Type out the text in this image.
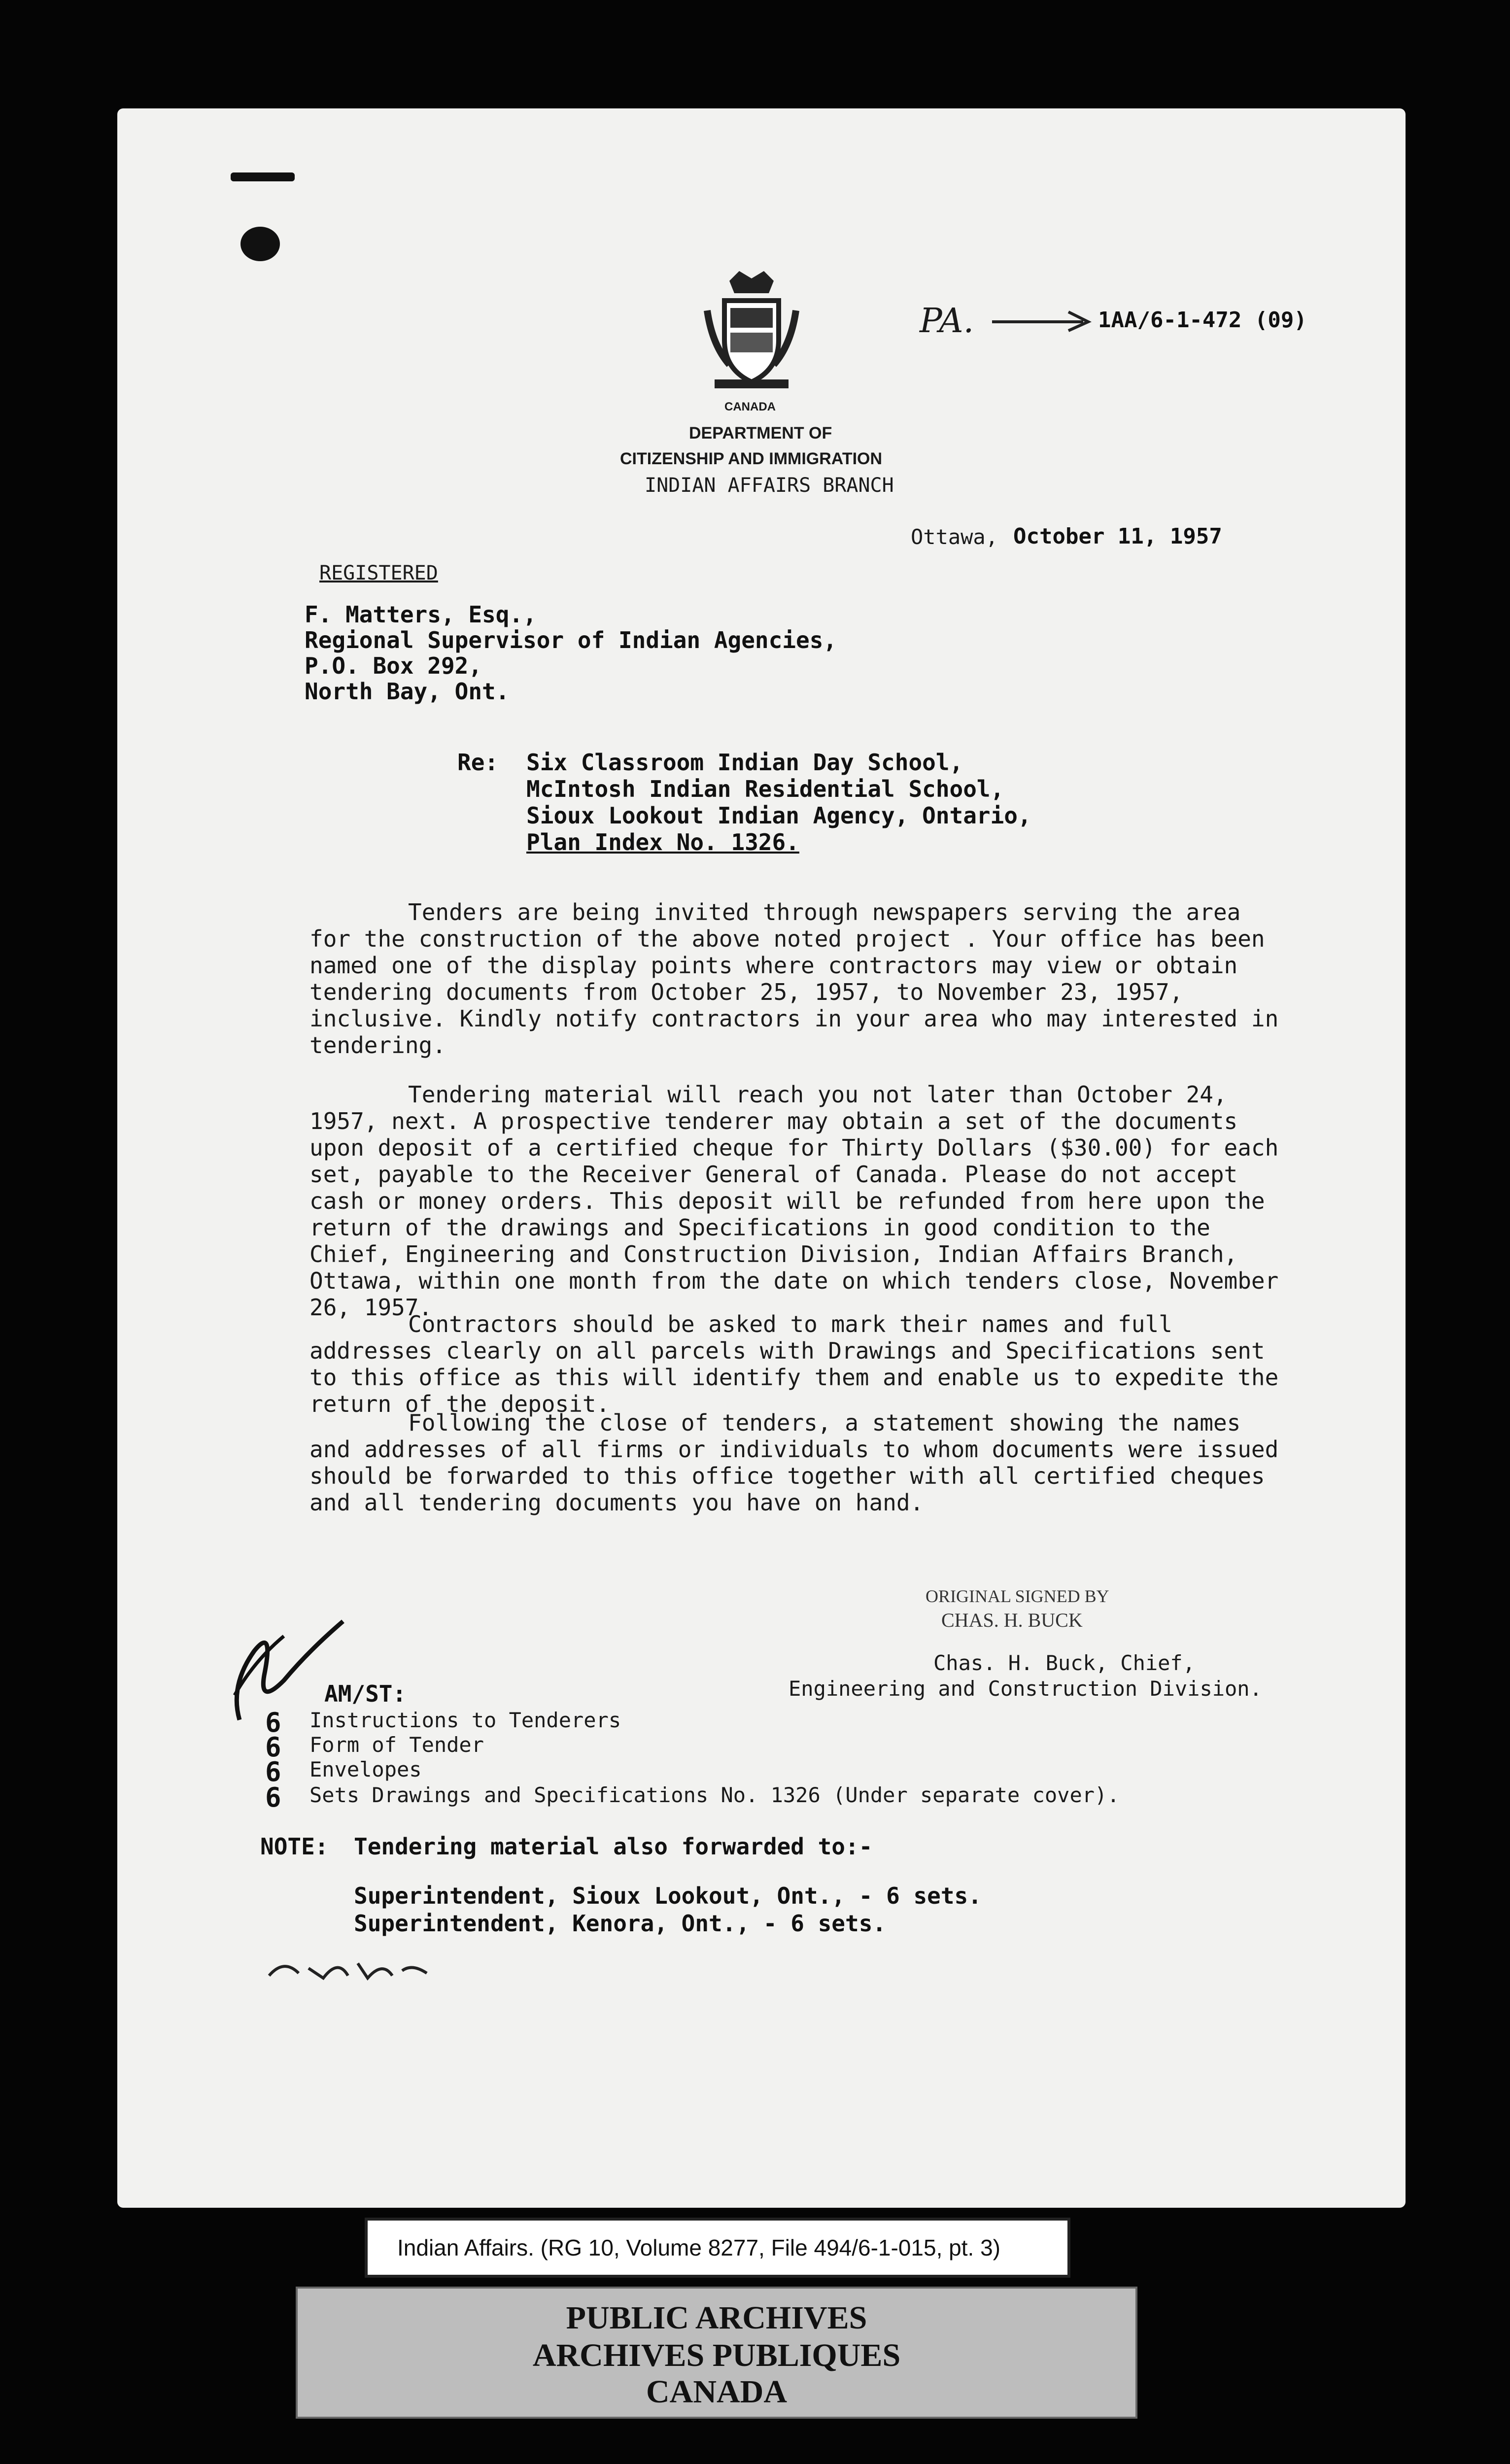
CANADA
PA.	1AA/6-1-472 (09)
DEPARTMENT OF
CITIZENSHIP AND IMMIGRATION
INDIAN AFFAIRS BRANCH
Ottawa, October 11, 1957
REGISTERED
F. Matters, Esq.,
Regional Supervisor of Indian Agencies,
P.O. Box 292,
North Bay, Ont.
Re: Six Classroom Indian Day School,
McIntosh Indian Residential School,
Sioux Lookout Indian Agency, Ontario,
Plan Index No. 1326.
Tenders are being invited through newspapers serving the area for the construction of the above noted project . Your office has been named one of the display points where contractors may view or obtain tendering documents from October 25, 1957, to November 23, 1957, inclusive. Kindly notify contractors in your area who may interested in tendering.
Tendering material will reach you not later than October 24, 1957, next. A prospective tenderer may obtain a set of the documents upon deposit of a certified cheque for Thirty Dollars ($30.00) for each set, payable to the Receiver General of Canada. Please do not accept cash or money orders. This deposit will be refunded from here upon the return of the drawings and Specifications in good condition to the Chief, Engineering and Construction Division, Indian Affairs Branch, Ottawa, within one month from the date on which tenders close, November 26, 1957.
Contractors should be asked to mark their names and full addresses clearly on all parcels with Drawings and Specifications sent to this office as this will identify them and enable us to expedite the return of the deposit.
Following the close of tenders, a statement showing the names and addresses of all firms or individuals to whom documents were issued should be forwarded to this office together with all certified cheques and all tendering documents you have on hand.
ORIGINAL SIGNED BY
CHAS. H. BUCK
Chas. H. Buck, Chief,
Engineering and Construction Division.
AM/ST:
6 Instructions to Tenderers
6 Form of Tender
6 Envelopes
6 Sets Drawings and Specifications No. 1326 (Under separate cover).
NOTE: Tendering material also forwarded to:-
Superintendent, Sioux Lookout, Ont., - 6 sets.
Superintendent, Kenora, Ont., - 6 sets.
Indian Affairs. (RG 10, Volume 8277, File 494/6-1-015, pt. 3)
PUBLIC ARCHIVES
ARCHIVES PUBLIQUES
CANADA
